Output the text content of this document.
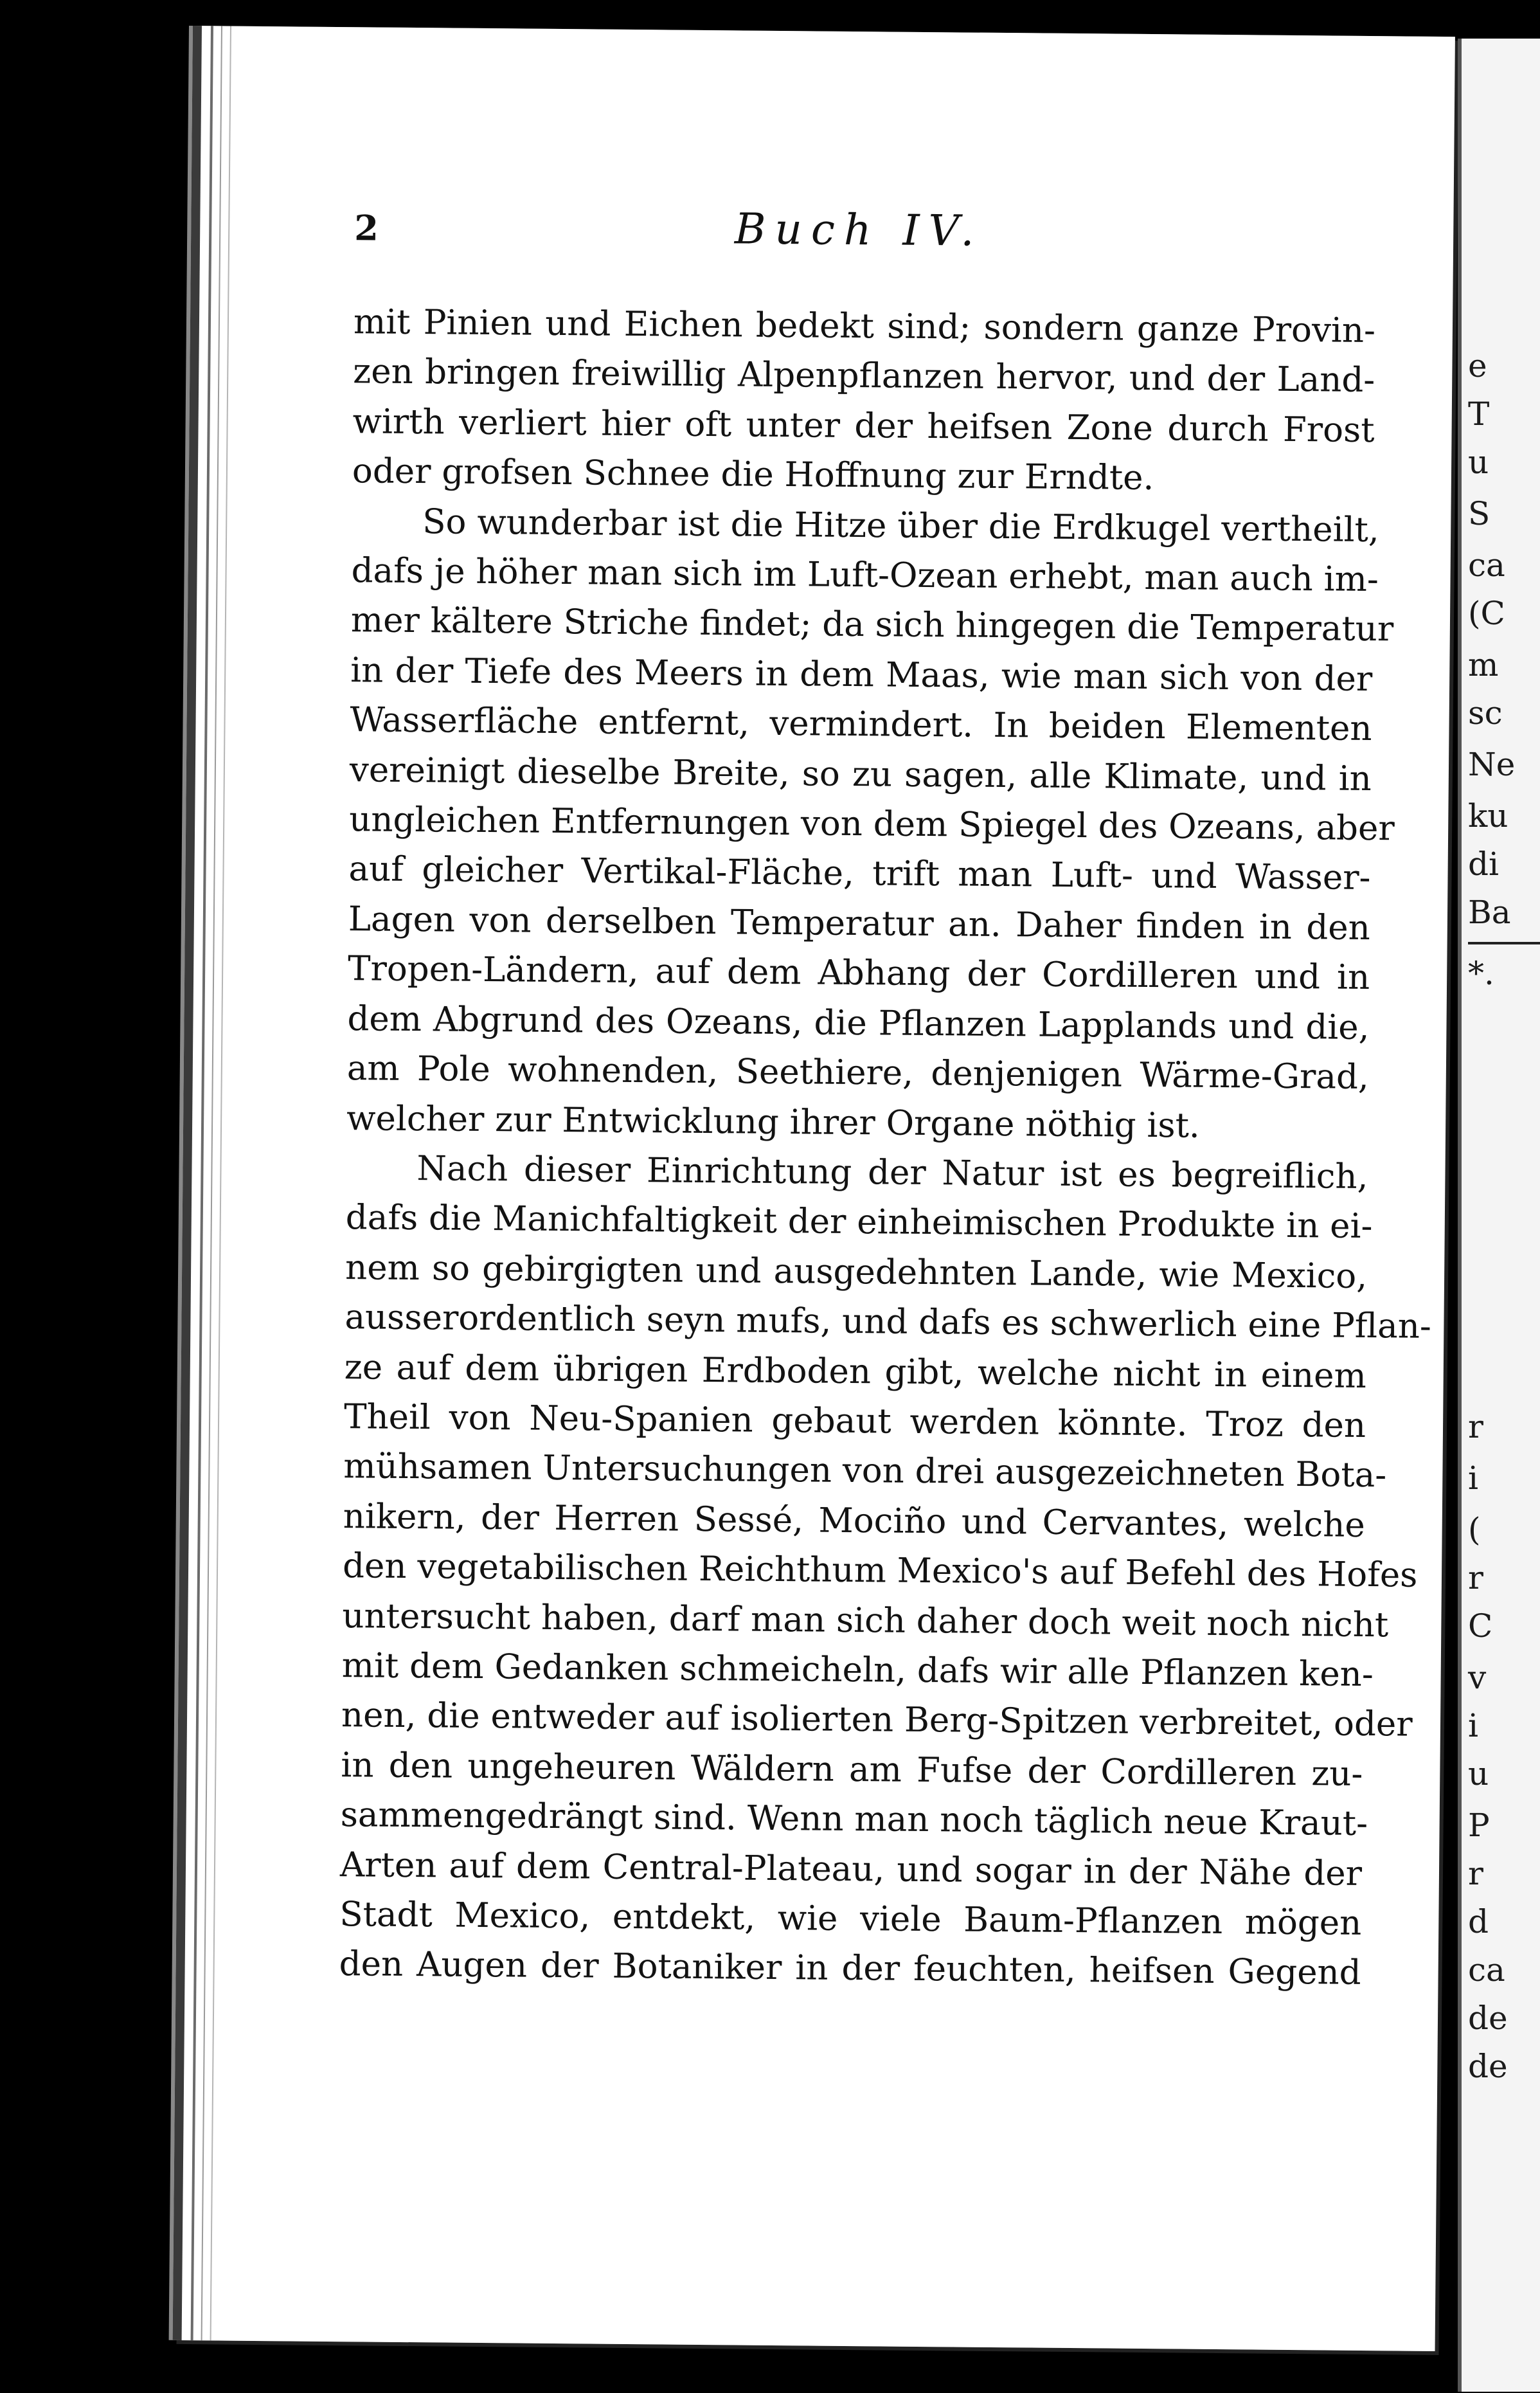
2	Buch IV.
mit Pinien und Eichen bedekt sind; sondern ganze Provin-
zen bringen freiwillig Alpenpflanzen hervor, und der Land-
wirth verliert hier oft unter der heifsen Zone durch Frost
oder grofsen Schnee die Hoffnung zur Erndte.
So wunderbar ist die Hitze über die Erdkugel vertheilt,
dafs je höher man sich im Luft-Ozean erhebt, man auch im-
mer kältere Striche findet; da sich hingegen die Temperatur
in der Tiefe des Meers in dem Maas, wie man sich von der
Wasserfläche entfernt, vermindert. In beiden Elementen
vereinigt dieselbe Breite, so zu sagen, alle Klimate, und in
ungleichen Entfernungen von dem Spiegel des Ozeans, aber
auf gleicher Vertikal-Fläche, trift man Luft- und Wasser-
Lagen von derselben Temperatur an. Daher finden in den
Tropen-Ländern, auf dem Abhang der Cordilleren und in
dem Abgrund des Ozeans, die Pflanzen Lapplands und die,
am Pole wohnenden, Seethiere, denjenigen Wärme-Grad,
welcher zur Entwicklung ihrer Organe nöthig ist.
Nach dieser Einrichtung der Natur ist es begreiflich,
dafs die Manichfaltigkeit der einheimischen Produkte in ei-
nem so gebirgigten und ausgedehnten Lande, wie Mexico,
ausserordentlich seyn mufs, und dafs es schwerlich eine Pflan-
ze auf dem übrigen Erdboden gibt, welche nicht in einem
Theil von Neu-Spanien gebaut werden könnte. Troz den
mühsamen Untersuchungen von drei ausgezeichneten Bota-
nikern, der Herren Sessé, Mociño und Cervantes, welche
den vegetabilischen Reichthum Mexico's auf Befehl des Hofes
untersucht haben, darf man sich daher doch weit noch nicht
mit dem Gedanken schmeicheln, dafs wir alle Pflanzen ken-
nen, die entweder auf isolierten Berg-Spitzen verbreitet, oder
in den ungeheuren Wäldern am Fufse der Cordilleren zu-
sammengedrängt sind. Wenn man noch täglich neue Kraut-
Arten auf dem Central-Plateau, und sogar in der Nähe der
Stadt Mexico, entdekt, wie viele Baum-Pflanzen mögen
den Augen der Botaniker in der feuchten, heifsen Gegend
e
T
u
S
ca
(C
m
sc
Ne
ku
di
Ba
*.
r
i
(
r
C
v
i
u
P
r
d
ca
de
de
